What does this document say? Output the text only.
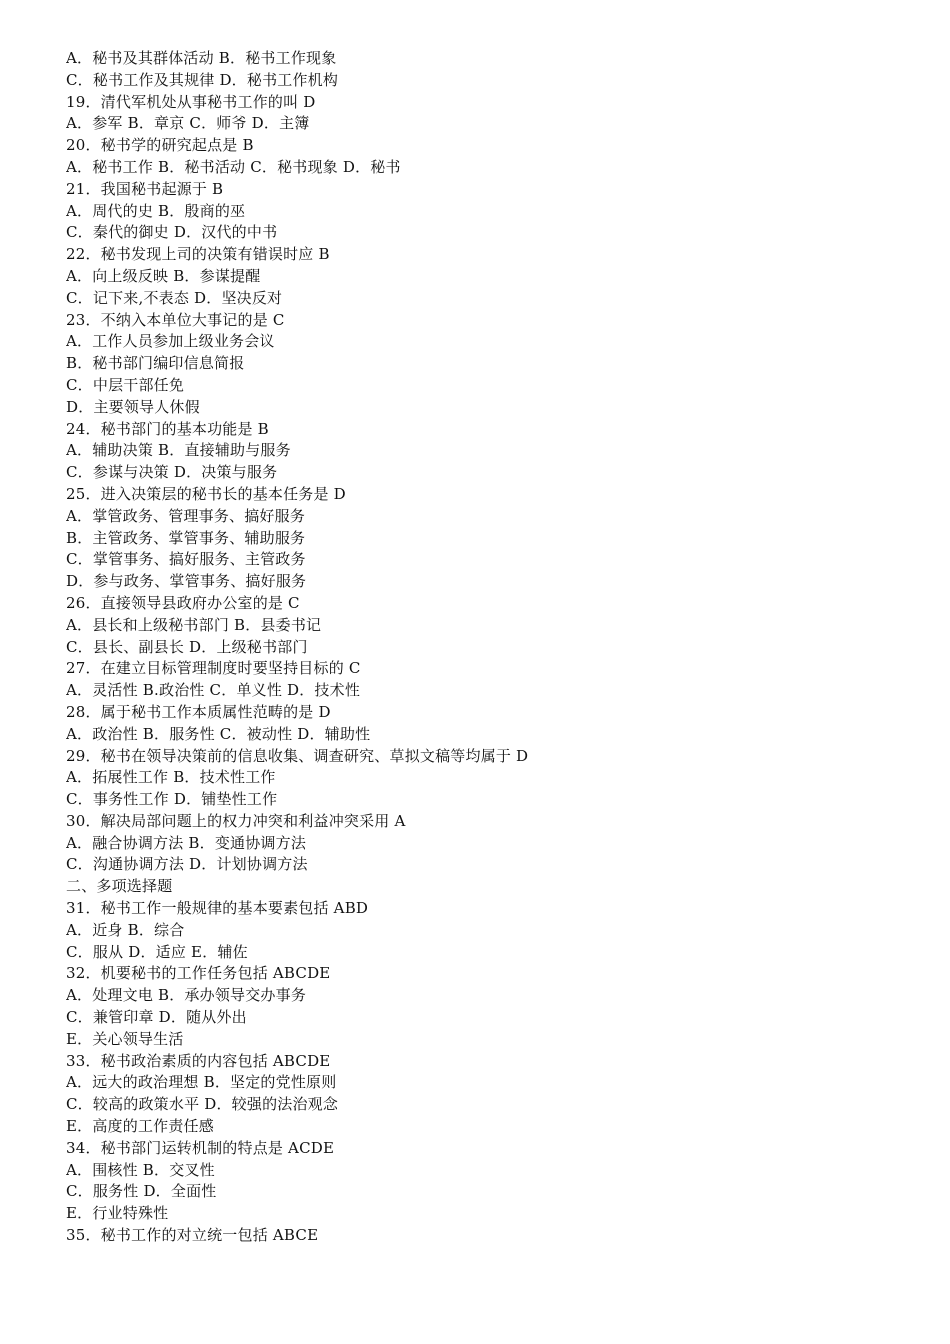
A．秘书及其群体活动 B．秘书工作现象
C．秘书工作及其规律 D．秘书工作机构
19．清代军机处从事秘书工作的叫 D
A．参军 B．章京 C．师爷 D．主簿
20．秘书学的研究起点是 B
A．秘书工作 B．秘书活动 C．秘书现象 D．秘书
21．我国秘书起源于 B
A．周代的史 B．殷商的巫
C．秦代的御史 D．汉代的中书
22．秘书发现上司的决策有错误时应 B
A．向上级反映 B．参谋提醒
C．记下来,不表态 D．坚决反对
23．不纳入本单位大事记的是 C
A．工作人员参加上级业务会议
B．秘书部门编印信息简报
C．中层干部任免
D．主要领导人休假
24．秘书部门的基本功能是 B
A．辅助决策 B．直接辅助与服务
C．参谋与决策 D．决策与服务
25．进入决策层的秘书长的基本任务是 D
A．掌管政务、管理事务、搞好服务
B．主管政务、掌管事务、辅助服务
C．掌管事务、搞好服务、主管政务
D．参与政务、掌管事务、搞好服务
26．直接领导县政府办公室的是 C
A．县长和上级秘书部门 B．县委书记
C．县长、副县长 D．上级秘书部门
27．在建立目标管理制度时要坚持目标的 C
A．灵活性 B.政治性 C．单义性 D．技术性
28．属于秘书工作本质属性范畴的是 D
A．政治性 B．服务性 C．被动性 D．辅助性
29．秘书在领导决策前的信息收集、调查研究、草拟文稿等均属于 D
A．拓展性工作 B．技术性工作
C．事务性工作 D．铺垫性工作
30．解决局部问题上的权力冲突和利益冲突采用 A
A．融合协调方法 B．变通协调方法
C．沟通协调方法 D．计划协调方法
二、多项选择题
31．秘书工作一般规律的基本要素包括 ABD
A．近身 B．综合
C．服从 D．适应 E．辅佐
32．机要秘书的工作任务包括 ABCDE
A．处理文电 B．承办领导交办事务
C．兼管印章 D．随从外出
E．关心领导生活
33．秘书政治素质的内容包括 ABCDE
A．远大的政治理想 B．坚定的党性原则
C．较高的政策水平 D．较强的法治观念
E．高度的工作责任感
34．秘书部门运转机制的特点是 ACDE
A．围核性 B．交叉性
C．服务性 D．全面性
E．行业特殊性
35．秘书工作的对立统一包括 ABCE
